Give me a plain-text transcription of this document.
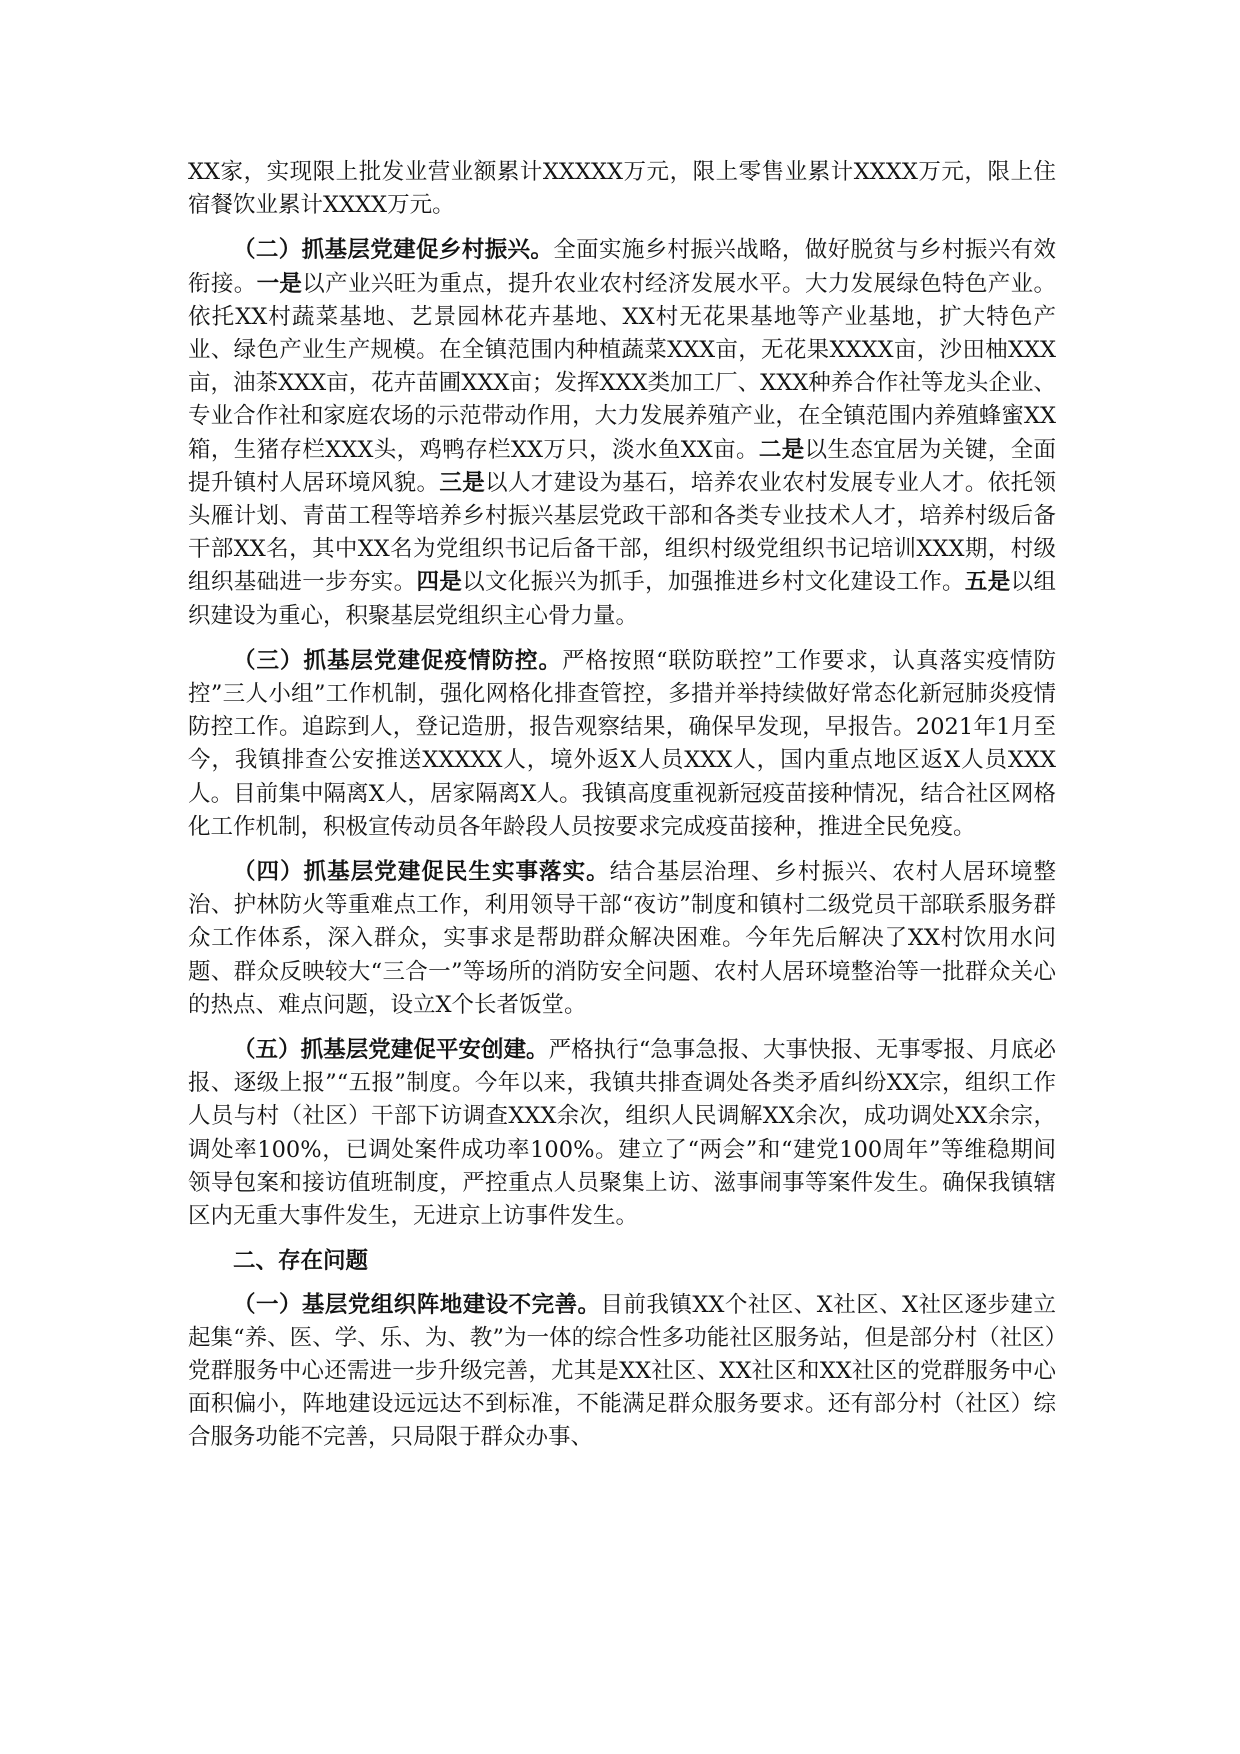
XX家，实现限上批发业营业额累计XXXXX万元，限上零售业累计XXXX万元，限上住宿餐饮业累计XXXX万元。

（二）抓基层党建促乡村振兴。全面实施乡村振兴战略，做好脱贫与乡村振兴有效衔接。一是以产业兴旺为重点，提升农业农村经济发展水平。大力发展绿色特色产业。依托XX村蔬菜基地、艺景园林花卉基地、XX村无花果基地等产业基地，扩大特色产业、绿色产业生产规模。在全镇范围内种植蔬菜XXX亩，无花果XXXX亩，沙田柚XXX亩，油茶XXX亩，花卉苗圃XXX亩；发挥XXX类加工厂、XXX种养合作社等龙头企业、专业合作社和家庭农场的示范带动作用，大力发展养殖产业，在全镇范围内养殖蜂蜜XX箱，生猪存栏XXX头，鸡鸭存栏XX万只，淡水鱼XX亩。二是以生态宜居为关键，全面提升镇村人居环境风貌。三是以人才建设为基石，培养农业农村发展专业人才。依托领头雁计划、青苗工程等培养乡村振兴基层党政干部和各类专业技术人才，培养村级后备干部XX名，其中XX名为党组织书记后备干部，组织村级党组织书记培训XXX期，村级组织基础进一步夯实。四是以文化振兴为抓手，加强推进乡村文化建设工作。五是以组织建设为重心，积聚基层党组织主心骨力量。

（三）抓基层党建促疫情防控。严格按照“联防联控”工作要求，认真落实疫情防控”三人小组”工作机制，强化网格化排查管控，多措并举持续做好常态化新冠肺炎疫情防控工作。追踪到人，登记造册，报告观察结果，确保早发现，早报告。2021年1月至今，我镇排查公安推送XXXXX人，境外返X人员XXX人，国内重点地区返X人员XXX人。目前集中隔离X人，居家隔离X人。我镇高度重视新冠疫苗接种情况，结合社区网格化工作机制，积极宣传动员各年龄段人员按要求完成疫苗接种，推进全民免疫。

（四）抓基层党建促民生实事落实。结合基层治理、乡村振兴、农村人居环境整治、护林防火等重难点工作，利用领导干部“夜访”制度和镇村二级党员干部联系服务群众工作体系，深入群众，实事求是帮助群众解决困难。今年先后解决了XX村饮用水问题、群众反映较大“三合一”等场所的消防安全问题、农村人居环境整治等一批群众关心的热点、难点问题，设立X个长者饭堂。

（五）抓基层党建促平安创建。严格执行“急事急报、大事快报、无事零报、月底必报、逐级上报”“五报”制度。今年以来，我镇共排查调处各类矛盾纠纷XX宗，组织工作人员与村（社区）干部下访调查XXX余次，组织人民调解XX余次，成功调处XX余宗，调处率100%，已调处案件成功率100%。建立了“两会”和“建党100周年”等维稳期间领导包案和接访值班制度，严控重点人员聚集上访、滋事闹事等案件发生。确保我镇辖区内无重大事件发生，无进京上访事件发生。

二、存在问题

（一）基层党组织阵地建设不完善。目前我镇XX个社区、X社区、X社区逐步建立起集“养、医、学、乐、为、教”为一体的综合性多功能社区服务站，但是部分村（社区）党群服务中心还需进一步升级完善，尤其是XX社区、XX社区和XX社区的党群服务中心面积偏小，阵地建设远远达不到标准，不能满足群众服务要求。还有部分村（社区）综合服务功能不完善，只局限于群众办事、
